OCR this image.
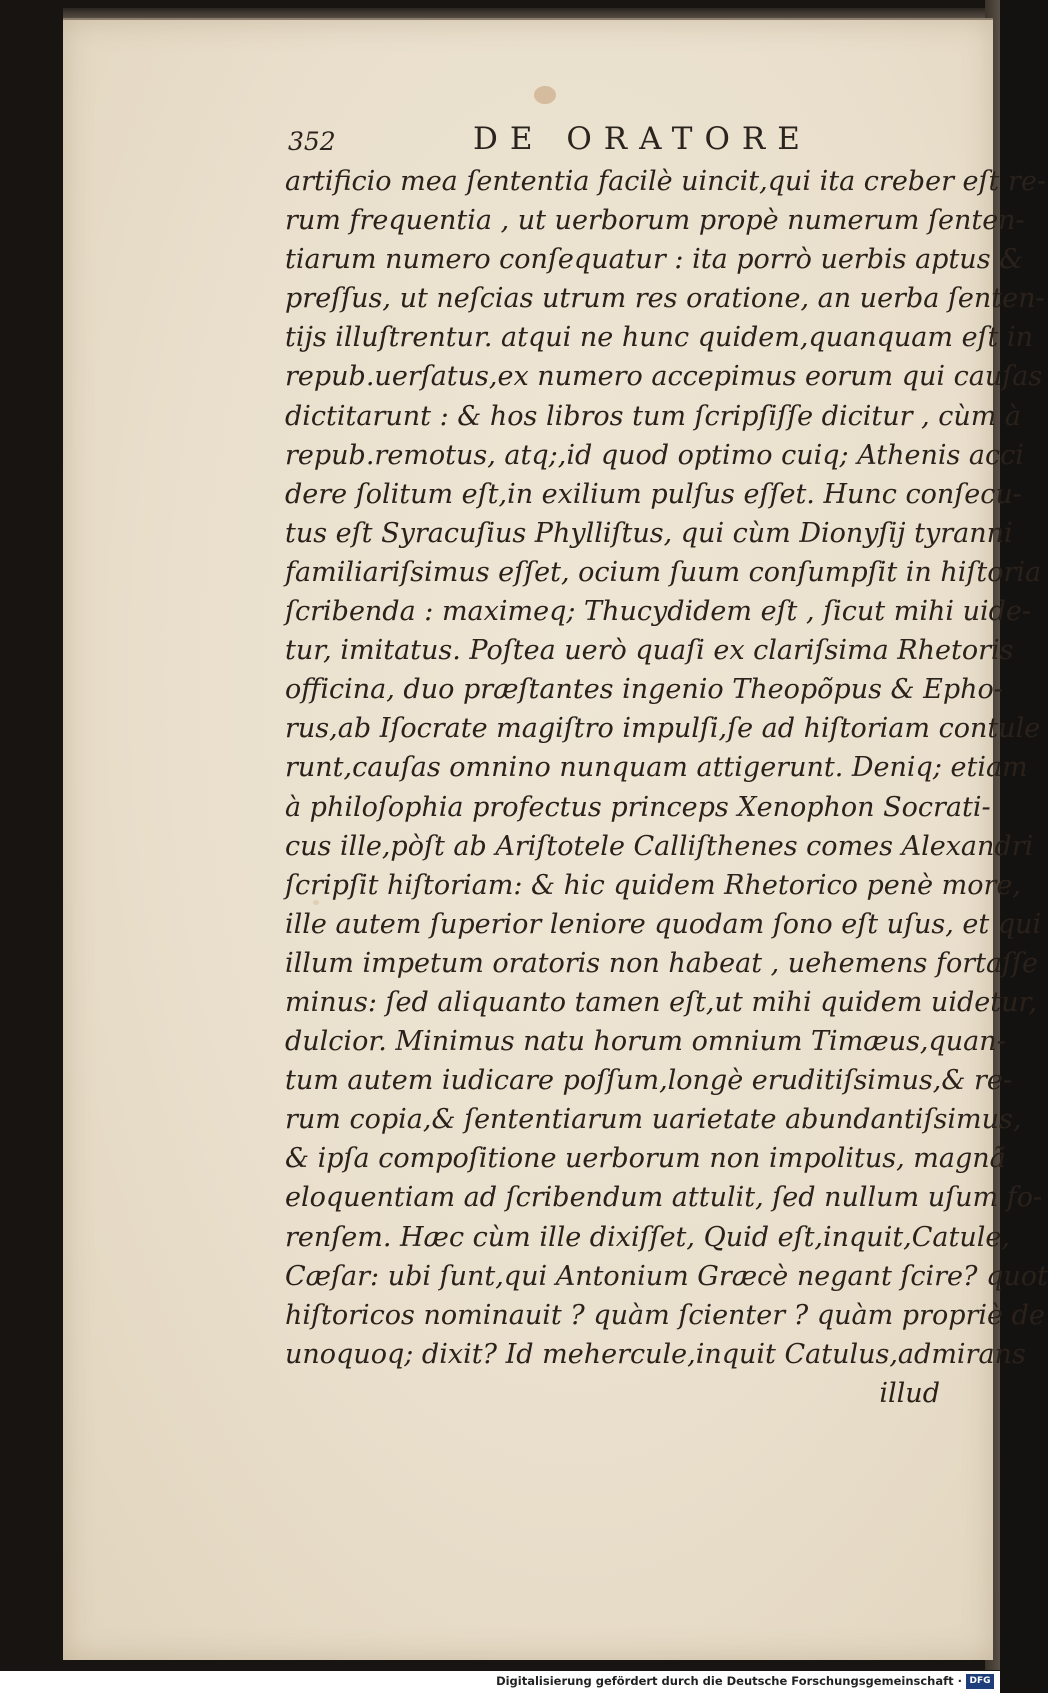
352	DE ORATORE
artificio mea ſententia facilè uincit,qui ita creber eſt re-
rum frequentia , ut uerborum propè numerum ſenten-
tiarum numero conſequatur : ita porrò uerbis aptus &
preſſus, ut neſcias utrum res oratione, an uerba ſenten-
tijs illuſtrentur. atqui ne hunc quidem,quanquam eſt in
repub.uerſatus,ex numero accepimus eorum qui cauſas
dictitarunt : & hos libros tum ſcripſiſſe dicitur , cùm à
repub.remotus, atq;,id quod optimo cuiq; Athenis acci
dere ſolitum eſt,in exilium pulſus eſſet. Hunc conſecu-
tus eſt Syracuſius Phylliſtus, qui cùm Dionyſij tyranni
familiariſsimus eſſet, ocium ſuum conſumpſit in hiſtoria
ſcribenda : maximeq; Thucydidem eſt , ſicut mihi uide-
tur, imitatus. Poſtea uerò quaſi ex clariſsima Rhetoris
officina, duo præſtantes ingenio Theopõpus & Epho-
rus,ab Iſocrate magiſtro impulſi,ſe ad hiſtoriam contule
runt,cauſas omnino nunquam attigerunt. Deniq; etiam
à philoſophia profectus princeps Xenophon Socrati-
cus ille,pòſt ab Ariſtotele Calliſthenes comes Alexandri
ſcripſit hiſtoriam: & hic quidem Rhetorico penè more,
ille autem ſuperior leniore quodam ſono eſt uſus, et qui
illum impetum oratoris non habeat , uehemens fortaſſe
minus: ſed aliquanto tamen eſt,ut mihi quidem uidetur,
dulcior. Minimus natu horum omnium Timæus,quan-
tum autem iudicare poſſum,longè eruditiſsimus,& re-
rum copia,& ſententiarum uarietate abundantiſsimus,
& ipſa compoſitione uerborum non impolitus, magnã
eloquentiam ad ſcribendum attulit, ſed nullum uſum fo-
renſem. Hæc cùm ille dixiſſet, Quid eſt,inquit,Catule,
Cæſar: ubi ſunt,qui Antonium Græcè negant ſcire? quot
hiſtoricos nominauit ? quàm ſcienter ? quàm propriè de
unoquoq; dixit? Id mehercule,inquit Catulus,admirans
illud
Digitalisierung gefördert durch die Deutsche Forschungsgemeinschaft · DFG
